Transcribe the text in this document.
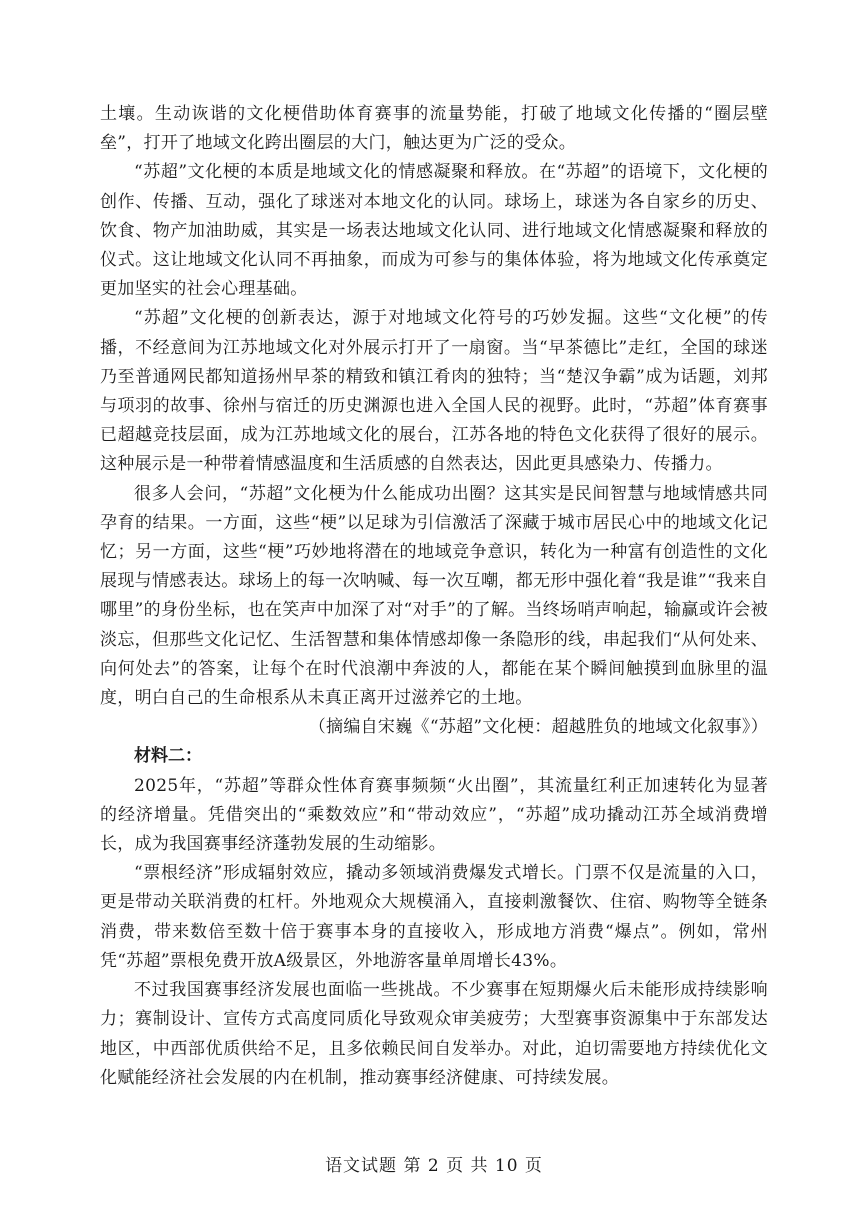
土壤。生动诙谐的文化梗借助体育赛事的流量势能，打破了地域文化传播的“圈层壁垒”，打开了地域文化跨出圈层的大门，触达更为广泛的受众。

“苏超”文化梗的本质是地域文化的情感凝聚和释放。在“苏超”的语境下，文化梗的创作、传播、互动，强化了球迷对本地文化的认同。球场上，球迷为各自家乡的历史、饮食、物产加油助威，其实是一场表达地域文化认同、进行地域文化情感凝聚和释放的仪式。这让地域文化认同不再抽象，而成为可参与的集体体验，将为地域文化传承奠定更加坚实的社会心理基础。

“苏超”文化梗的创新表达，源于对地域文化符号的巧妙发掘。这些“文化梗”的传播，不经意间为江苏地域文化对外展示打开了一扇窗。当“早茶德比”走红，全国的球迷乃至普通网民都知道扬州早茶的精致和镇江肴肉的独特；当“楚汉争霸”成为话题，刘邦与项羽的故事、徐州与宿迁的历史渊源也进入全国人民的视野。此时，“苏超”体育赛事已超越竞技层面，成为江苏地域文化的展台，江苏各地的特色文化获得了很好的展示。这种展示是一种带着情感温度和生活质感的自然表达，因此更具感染力、传播力。

很多人会问，“苏超”文化梗为什么能成功出圈？这其实是民间智慧与地域情感共同孕育的结果。一方面，这些“梗”以足球为引信激活了深藏于城市居民心中的地域文化记忆；另一方面，这些“梗”巧妙地将潜在的地域竞争意识，转化为一种富有创造性的文化展现与情感表达。球场上的每一次呐喊、每一次互嘲，都无形中强化着“我是谁”“我来自哪里”的身份坐标，也在笑声中加深了对“对手”的了解。当终场哨声响起，输赢或许会被淡忘，但那些文化记忆、生活智慧和集体情感却像一条隐形的线，串起我们“从何处来、向何处去”的答案，让每个在时代浪潮中奔波的人，都能在某个瞬间触摸到血脉里的温度，明白自己的生命根系从未真正离开过滋养它的土地。

（摘编自宋巍《“苏超”文化梗：超越胜负的地域文化叙事》）

材料二：

2025年，“苏超”等群众性体育赛事频频“火出圈”，其流量红利正加速转化为显著的经济增量。凭借突出的“乘数效应”和“带动效应”，“苏超”成功撬动江苏全域消费增长，成为我国赛事经济蓬勃发展的生动缩影。

“票根经济”形成辐射效应，撬动多领域消费爆发式增长。门票不仅是流量的入口，更是带动关联消费的杠杆。外地观众大规模涌入，直接刺激餐饮、住宿、购物等全链条消费，带来数倍至数十倍于赛事本身的直接收入，形成地方消费“爆点”。例如，常州凭“苏超”票根免费开放A级景区，外地游客量单周增长43%。

不过我国赛事经济发展也面临一些挑战。不少赛事在短期爆火后未能形成持续影响力；赛制设计、宣传方式高度同质化导致观众审美疲劳；大型赛事资源集中于东部发达地区，中西部优质供给不足，且多依赖民间自发举办。对此，迫切需要地方持续优化文化赋能经济社会发展的内在机制，推动赛事经济健康、可持续发展。

语文试题 第 2 页 共 10 页
